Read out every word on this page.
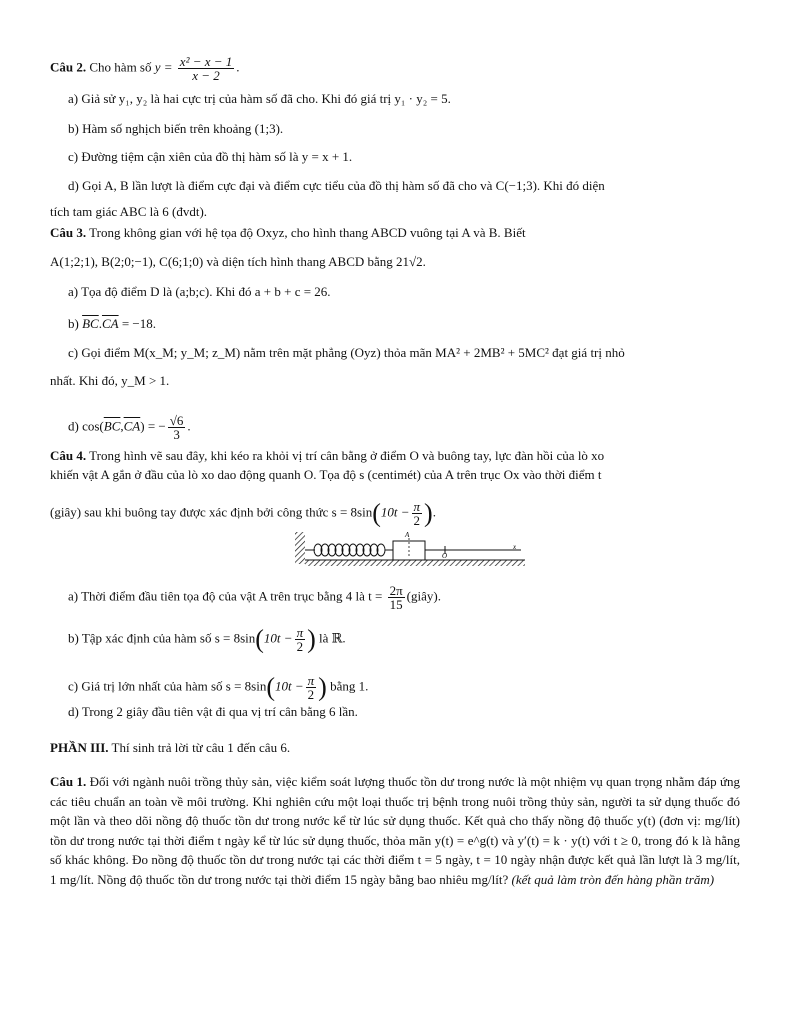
Câu 2. Cho hàm số $y = \frac{\text{x² − x − 1}}{x - 2}$ .
a) Giả sử y₁, y₂ là hai cực trị của hàm số đã cho. Khi đó giá trị y₁ · y₂ = 5.
b) Hàm số nghịch biến trên khoảng (1;3).
c) Đường tiệm cận xiên của đồ thị hàm số là y = x + 1.
d) Gọi A, B lần lượt là điểm cực đại và điểm cực tiểu của đồ thị hàm số đã cho và C(−1;3). Khi đó diện
tích tam giác ABC là 6 (đvdt).
Câu 3. Trong không gian với hệ tọa độ Oxyz, cho hình thang ABCD vuông tại A và B. Biết
A(1;2;1), B(2;0;−1), C(6;1;0) và diện tích hình thang ABCD bằng 21√2.
a) Tọa độ điểm D là (a;b;c). Khi đó a + b + c = 26.
b) $\overline{BC}.\overline{CA} = -18$.
c) Gọi điểm M(x_M; y_M; z_M) nằm trên mặt phẳng (Oyz) thỏa mãn MA² + 2MB² + 5MC² đạt giá trị nhỏ
nhất. Khi đó, y_M > 1.
d) $\cos(\overline{BC},\overline{CA})$ = − $\frac{√6}{3}$ .
Câu 4. Trong hình vẽ sau đây, khi kéo ra khỏi vị trí cân bằng ở điểm O và buông tay, lực đàn hồi của lò xo
khiến vật A gắn ở đầu của lò xo dao động quanh O. Tọa độ s (centimét) của A trên trục Ox vào thời điểm t
(giây) sau khi buông tay được xác định bởi công thức $s = 8\sin(10t - \frac{\pi}{2}$ ).
A
O
x
a) Thời điểm đầu tiên tọa độ của vật A trên trục bằng 4 là $t = \frac{2\pi}{15}$ (giây).
b) Tập xác định của hàm số $s = 8\sin(10t - \frac{\pi}{2}$ ) là ℝ.
c) Giá trị lớn nhất của hàm số $s = 8\sin(10t - \frac{\pi}{2}$ ) bằng 1.
d) Trong 2 giây đầu tiên vật đi qua vị trí cân bằng 6 lần.
PHẦN III. Thí sinh trả lời từ câu 1 đến câu 6.
Câu 1. Đối với ngành nuôi trồng thủy sản, việc kiểm soát lượng thuốc tồn dư trong nước là một nhiệm vụ quan trọng nhằm đáp ứng các tiêu chuẩn an toàn về môi trường. Khi nghiên cứu một loại thuốc trị bệnh trong nuôi trồng thủy sản, người ta sử dụng thuốc đó một lần và theo dõi nồng độ thuốc tồn dư trong nước kể từ lúc sử dụng thuốc. Kết quả cho thấy nồng độ thuốc y(t) (đơn vị: mg/lít) tồn dư trong nước tại thời điểm t ngày kể từ lúc sử dụng thuốc, thỏa mãn y(t) = e^g(t) và y′(t) = k · y(t) với t ≥ 0, trong đó k là hằng số khác không. Đo nồng độ thuốc tồn dư trong nước tại các thời điểm t = 5 ngày, t = 10 ngày nhận được kết quả lần lượt là 3 mg/lít, 1 mg/lít. Nồng độ thuốc tồn dư trong nước tại thời điểm 15 ngày bằng bao nhiêu mg/lít? (kết quả làm tròn đến hàng phần trăm)
